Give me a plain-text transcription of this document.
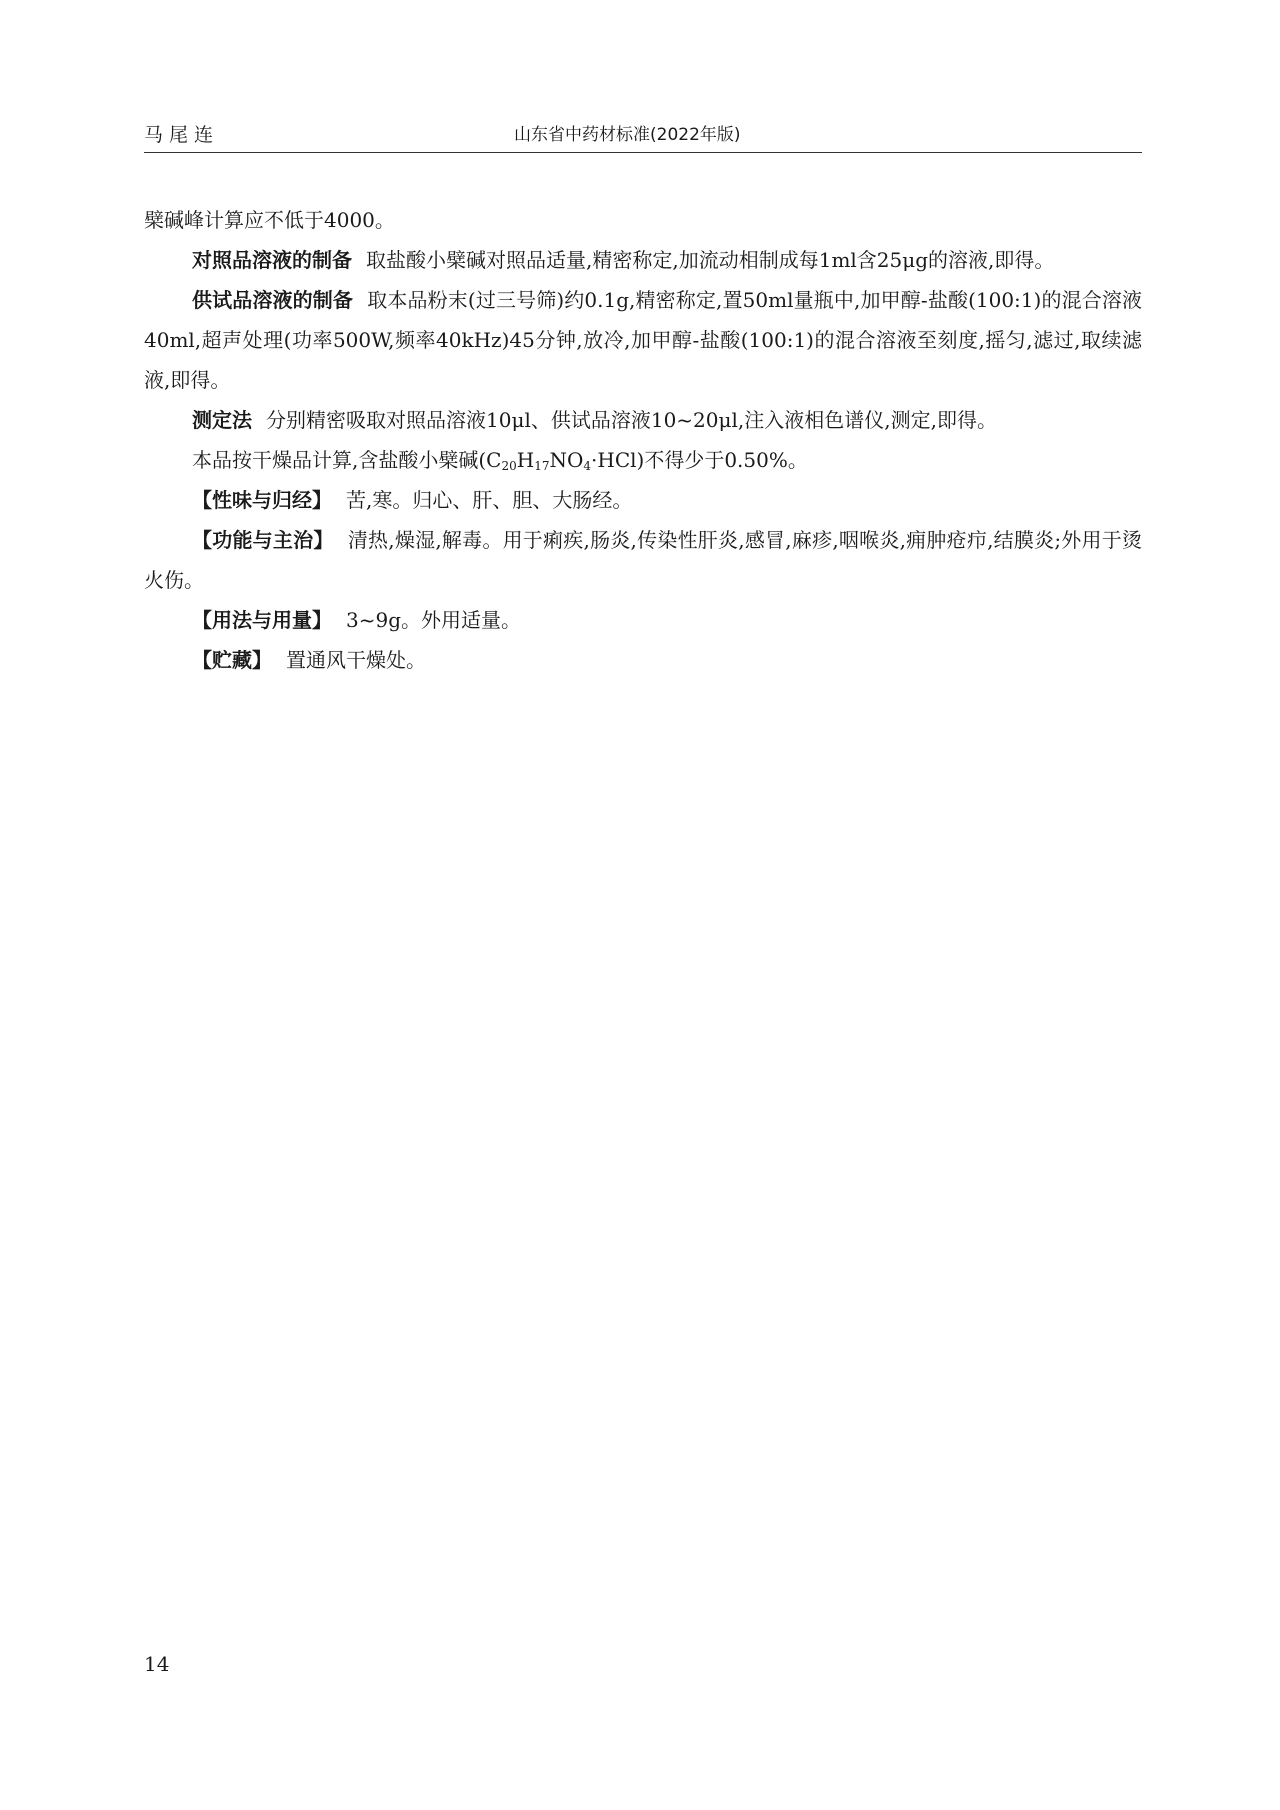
马尾连	山东省中药材标准(2022年版)

檗碱峰计算应不低于4000。

对照品溶液的制备 取盐酸小檗碱对照品适量,精密称定,加流动相制成每1ml含25μg的溶液,即得。

供试品溶液的制备 取本品粉末(过三号筛)约0.1g,精密称定,置50ml量瓶中,加甲醇-盐酸(100:1)的混合溶液40ml,超声处理(功率500W,频率40kHz)45分钟,放冷,加甲醇-盐酸(100:1)的混合溶液至刻度,摇匀,滤过,取续滤液,即得。

测定法 分别精密吸取对照品溶液10μl、供试品溶液10~20μl,注入液相色谱仪,测定,即得。

本品按干燥品计算,含盐酸小檗碱$(C_{20}H_{17}NO_4\cdot HCl)$不得少于0.50%。

【性味与归经】 苦,寒。归心、肝、胆、大肠经。

【功能与主治】 清热,燥湿,解毒。用于痢疾,肠炎,传染性肝炎,感冒,麻疹,咽喉炎,痈肿疮疖,结膜炎;外用于烫火伤。

【用法与用量】 3~9g。外用适量。

【贮藏】 置通风干燥处。

14
